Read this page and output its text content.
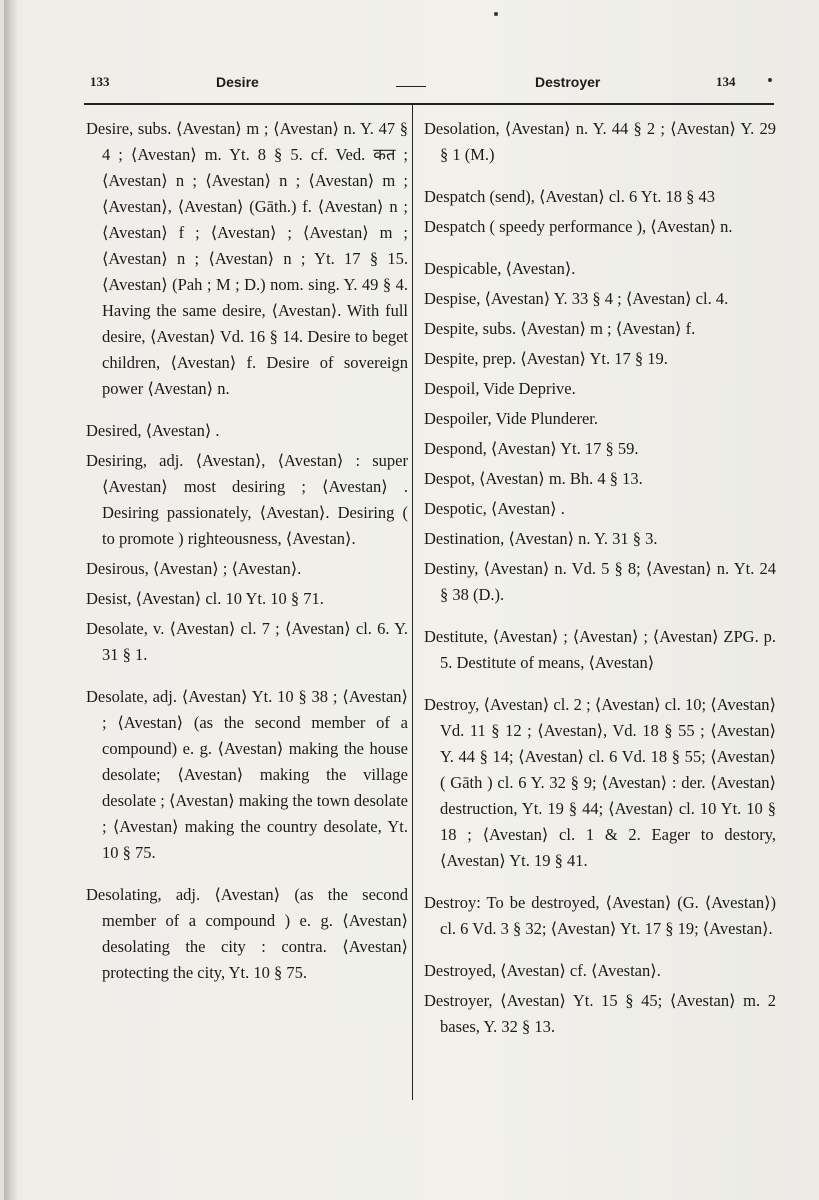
133	Desire	Destroyer	134

Desire, subs. ⟨Avestan⟩ m ; ⟨Avestan⟩ n. Y. 47 § 4 ; ⟨Avestan⟩ m. Yt. 8 § 5. cf. Ved. कत ; ⟨Avestan⟩ n ; ⟨Avestan⟩ n ; ⟨Avestan⟩ m ; ⟨Avestan⟩, ⟨Avestan⟩ (Gāth.) f. ⟨Avestan⟩ n ; ⟨Avestan⟩ f ; ⟨Avestan⟩ ; ⟨Avestan⟩ m ; ⟨Avestan⟩ n ; ⟨Avestan⟩ n ; Yt. 17 § 15. ⟨Avestan⟩ (Pah ; M ; D.) nom. sing. Y. 49 § 4. Having the same desire, ⟨Avestan⟩. With full desire, ⟨Avestan⟩ Vd. 16 § 14. Desire to beget children, ⟨Avestan⟩ f. Desire of sovereign power ⟨Avestan⟩ n.

Desired, ⟨Avestan⟩ .

Desiring, adj. ⟨Avestan⟩, ⟨Avestan⟩ : super ⟨Avestan⟩ most desiring ; ⟨Avestan⟩ . Desiring passionately, ⟨Avestan⟩. Desiring ( to promote ) righteousness, ⟨Avestan⟩.

Desirous, ⟨Avestan⟩ ; ⟨Avestan⟩.

Desist, ⟨Avestan⟩ cl. 10 Yt. 10 § 71.

Desolate, v. ⟨Avestan⟩ cl. 7 ; ⟨Avestan⟩ cl. 6. Y. 31 § 1.

Desolate, adj. ⟨Avestan⟩ Yt. 10 § 38 ; ⟨Avestan⟩ ; ⟨Avestan⟩ (as the second member of a compound) e. g. ⟨Avestan⟩ making the house desolate; ⟨Avestan⟩ making the village desolate ; ⟨Avestan⟩ making the town desolate ; ⟨Avestan⟩ making the country desolate, Yt. 10 § 75.

Desolating, adj. ⟨Avestan⟩ (as the second member of a compound ) e. g. ⟨Avestan⟩ desolating the city : contra. ⟨Avestan⟩ protecting the city, Yt. 10 § 75.

Desolation, ⟨Avestan⟩ n. Y. 44 § 2 ; ⟨Avestan⟩ Y. 29 § 1 (M.)

Despatch (send), ⟨Avestan⟩ cl. 6 Yt. 18 § 43

Despatch ( speedy performance ), ⟨Avestan⟩ n.

Despicable, ⟨Avestan⟩.

Despise, ⟨Avestan⟩ Y. 33 § 4 ; ⟨Avestan⟩ cl. 4.

Despite, subs. ⟨Avestan⟩ m ; ⟨Avestan⟩ f.

Despite, prep. ⟨Avestan⟩ Yt. 17 § 19.

Despoil, Vide Deprive.

Despoiler, Vide Plunderer.

Despond, ⟨Avestan⟩ Yt. 17 § 59.

Despot, ⟨Avestan⟩ m. Bh. 4 § 13.

Despotic, ⟨Avestan⟩ .

Destination, ⟨Avestan⟩ n. Y. 31 § 3.

Destiny, ⟨Avestan⟩ n. Vd. 5 § 8; ⟨Avestan⟩ n. Yt. 24 § 38 (D.).

Destitute, ⟨Avestan⟩ ; ⟨Avestan⟩ ; ⟨Avestan⟩ ZPG. p. 5. Destitute of means, ⟨Avestan⟩

Destroy, ⟨Avestan⟩ cl. 2 ; ⟨Avestan⟩ cl. 10; ⟨Avestan⟩ Vd. 11 § 12 ; ⟨Avestan⟩, Vd. 18 § 55 ; ⟨Avestan⟩ Y. 44 § 14; ⟨Avestan⟩ cl. 6 Vd. 18 § 55; ⟨Avestan⟩ ( Gāth ) cl. 6 Y. 32 § 9; ⟨Avestan⟩ : der. ⟨Avestan⟩ destruction, Yt. 19 § 44; ⟨Avestan⟩ cl. 10 Yt. 10 § 18 ; ⟨Avestan⟩ cl. 1 & 2. Eager to destory, ⟨Avestan⟩ Yt. 19 § 41.

Destroy: To be destroyed, ⟨Avestan⟩ (G. ⟨Avestan⟩) cl. 6 Vd. 3 § 32; ⟨Avestan⟩ Yt. 17 § 19; ⟨Avestan⟩.

Destroyed, ⟨Avestan⟩ cf. ⟨Avestan⟩.

Destroyer, ⟨Avestan⟩ Yt. 15 § 45; ⟨Avestan⟩ m. 2 bases, Y. 32 § 13.
